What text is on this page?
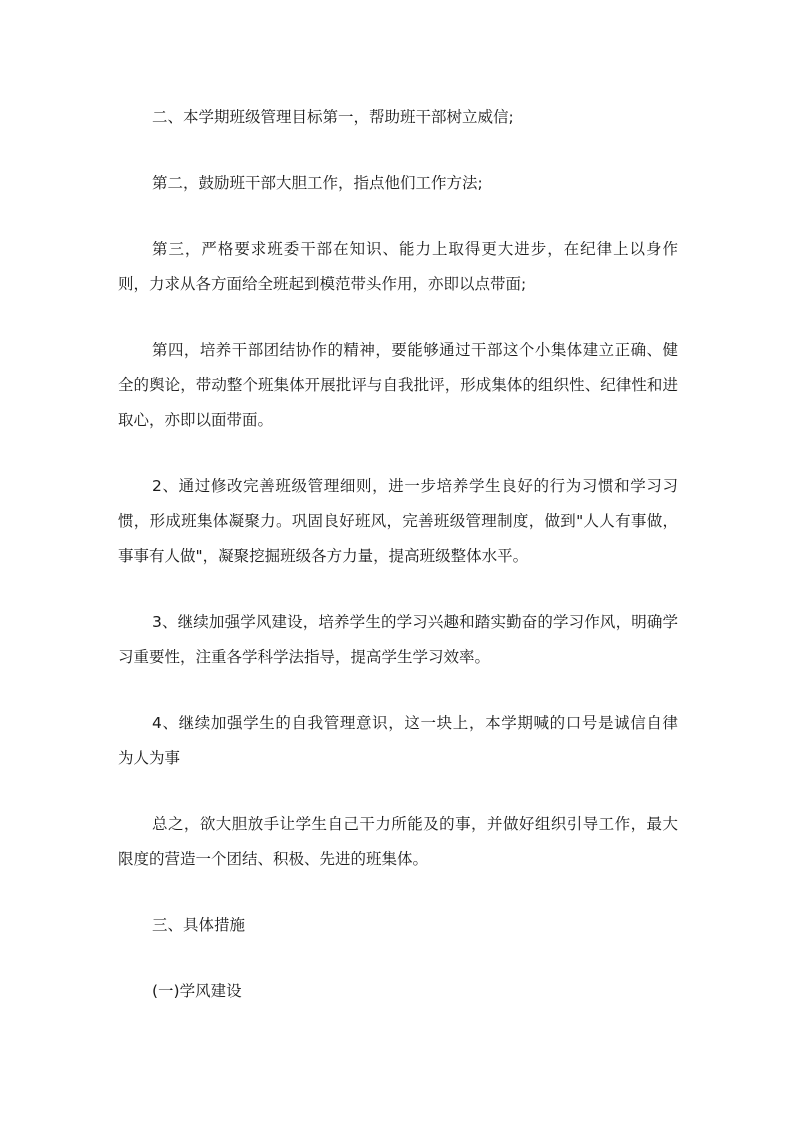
二、本学期班级管理目标第一，帮助班干部树立威信;

第二，鼓励班干部大胆工作，指点他们工作方法;

第三，严格要求班委干部在知识、能力上取得更大进步，在纪律上以身作则，力求从各方面给全班起到模范带头作用，亦即以点带面;

第四，培养干部团结协作的精神，要能够通过干部这个小集体建立正确、健全的舆论，带动整个班集体开展批评与自我批评，形成集体的组织性、纪律性和进取心，亦即以面带面。

2、通过修改完善班级管理细则，进一步培养学生良好的行为习惯和学习习惯，形成班集体凝聚力。巩固良好班风，完善班级管理制度，做到"人人有事做，事事有人做"，凝聚挖掘班级各方力量，提高班级整体水平。

3、继续加强学风建设，培养学生的学习兴趣和踏实勤奋的学习作风，明确学习重要性，注重各学科学法指导，提高学生学习效率。

4、继续加强学生的自我管理意识，这一块上，本学期喊的口号是诚信自律 为人为事

总之，欲大胆放手让学生自己干力所能及的事，并做好组织引导工作，最大限度的营造一个团结、积极、先进的班集体。

三、具体措施

(一)学风建设
